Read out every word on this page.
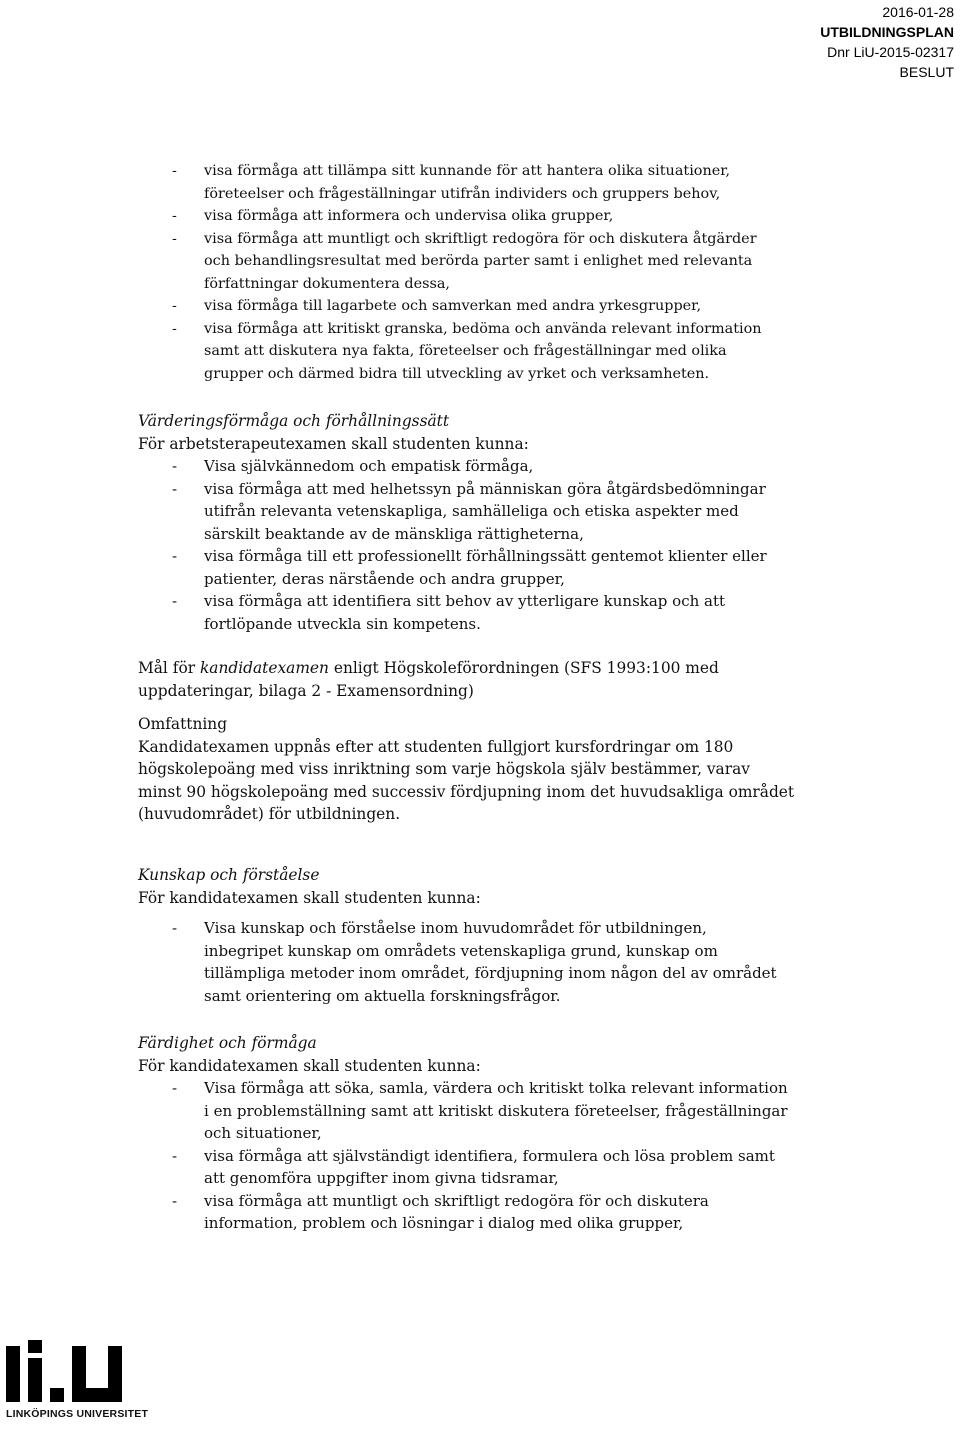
2016-01-28
UTBILDNINGSPLAN
Dnr LiU-2015-02317
BESLUT
- visa förmåga att tillämpa sitt kunnande för att hantera olika situationer,
företeelser och frågeställningar utifrån individers och gruppers behov,
- visa förmåga att informera och undervisa olika grupper,
- visa förmåga att muntligt och skriftligt redogöra för och diskutera åtgärder
och behandlingsresultat med berörda parter samt i enlighet med relevanta
författningar dokumentera dessa,
- visa förmåga till lagarbete och samverkan med andra yrkesgrupper,
- visa förmåga att kritiskt granska, bedöma och använda relevant information
samt att diskutera nya fakta, företeelser och frågeställningar med olika
grupper och därmed bidra till utveckling av yrket och verksamheten.
Värderingsförmåga och förhållningssätt
För arbetsterapeutexamen skall studenten kunna:
- Visa självkännedom och empatisk förmåga,
- visa förmåga att med helhetssyn på människan göra åtgärdsbedömningar
utifrån relevanta vetenskapliga, samhälleliga och etiska aspekter med
särskilt beaktande av de mänskliga rättigheterna,
- visa förmåga till ett professionellt förhållningssätt gentemot klienter eller
patienter, deras närstående och andra grupper,
- visa förmåga att identifiera sitt behov av ytterligare kunskap och att
fortlöpande utveckla sin kompetens.
Mål för kandidatexamen enligt Högskoleförordningen (SFS 1993:100 med
uppdateringar, bilaga 2 - Examensordning)
Omfattning
Kandidatexamen uppnås efter att studenten fullgjort kursfordringar om 180
högskolepoäng med viss inriktning som varje högskola själv bestämmer, varav
minst 90 högskolepoäng med successiv fördjupning inom det huvudsakliga området
(huvudområdet) för utbildningen.
Kunskap och förståelse
För kandidatexamen skall studenten kunna:
- Visa kunskap och förståelse inom huvudområdet för utbildningen,
inbegripet kunskap om områdets vetenskapliga grund, kunskap om
tillämpliga metoder inom området, fördjupning inom någon del av området
samt orientering om aktuella forskningsfrågor.
Färdighet och förmåga
För kandidatexamen skall studenten kunna:
- Visa förmåga att söka, samla, värdera och kritiskt tolka relevant information
i en problemställning samt att kritiskt diskutera företeelser, frågeställningar
och situationer,
- visa förmåga att självständigt identifiera, formulera och lösa problem samt
att genomföra uppgifter inom givna tidsramar,
- visa förmåga att muntligt och skriftligt redogöra för och diskutera
information, problem och lösningar i dialog med olika grupper,
LINKÖPINGS UNIVERSITET
